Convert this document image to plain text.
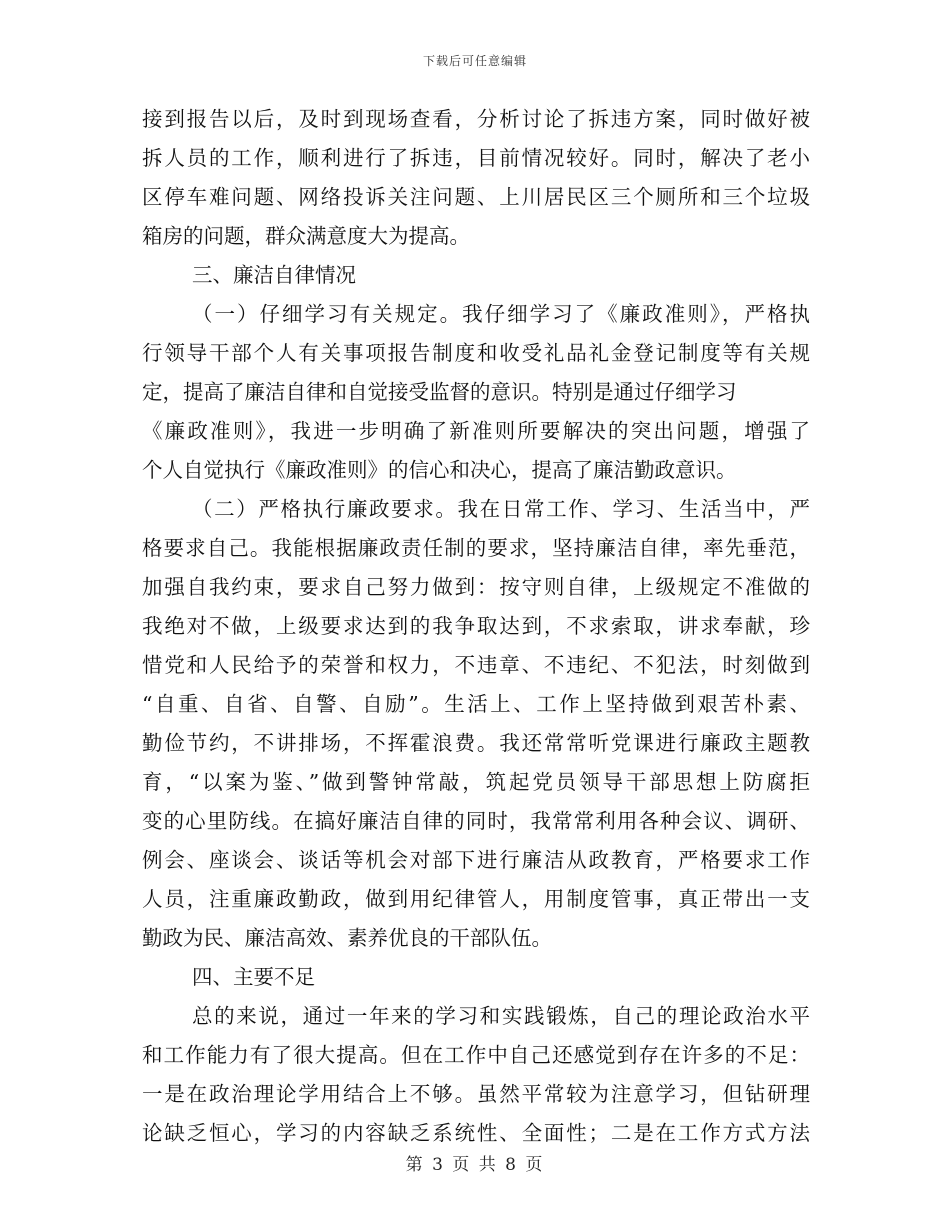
下载后可任意编辑
接到报告以后，及时到现场查看，分析讨论了拆违方案，同时做好被
拆人员的工作，顺利进行了拆违，目前情况较好。同时，解决了老小
区停车难问题、网络投诉关注问题、上川居民区三个厕所和三个垃圾
箱房的问题，群众满意度大为提高。
三、廉洁自律情况
（一）仔细学习有关规定。我仔细学习了《廉政准则》，严格执
行领导干部个人有关事项报告制度和收受礼品礼金登记制度等有关规
定，提高了廉洁自律和自觉接受监督的意识。特别是通过仔细学习
《廉政准则》，我进一步明确了新准则所要解决的突出问题，增强了
个人自觉执行《廉政准则》的信心和决心，提高了廉洁勤政意识。
（二）严格执行廉政要求。我在日常工作、学习、生活当中，严
格要求自己。我能根据廉政责任制的要求，坚持廉洁自律，率先垂范，
加强自我约束，要求自己努力做到：按守则自律，上级规定不准做的
我绝对不做，上级要求达到的我争取达到，不求索取，讲求奉献，珍
惜党和人民给予的荣誉和权力，不违章、不违纪、不犯法，时刻做到
“自重、自省、自警、自励”。生活上、工作上坚持做到艰苦朴素、
勤俭节约，不讲排场，不挥霍浪费。我还常常听党课进行廉政主题教
育，“以案为鉴、”做到警钟常敲，筑起党员领导干部思想上防腐拒
变的心里防线。在搞好廉洁自律的同时，我常常利用各种会议、调研、
例会、座谈会、谈话等机会对部下进行廉洁从政教育，严格要求工作
人员，注重廉政勤政，做到用纪律管人，用制度管事，真正带出一支
勤政为民、廉洁高效、素养优良的干部队伍。
四、主要不足
总的来说，通过一年来的学习和实践锻炼，自己的理论政治水平
和工作能力有了很大提高。但在工作中自己还感觉到存在许多的不足：
一是在政治理论学用结合上不够。虽然平常较为注意学习，但钻研理
论缺乏恒心，学习的内容缺乏系统性、全面性；二是在工作方式方法
第 3 页 共 8 页
